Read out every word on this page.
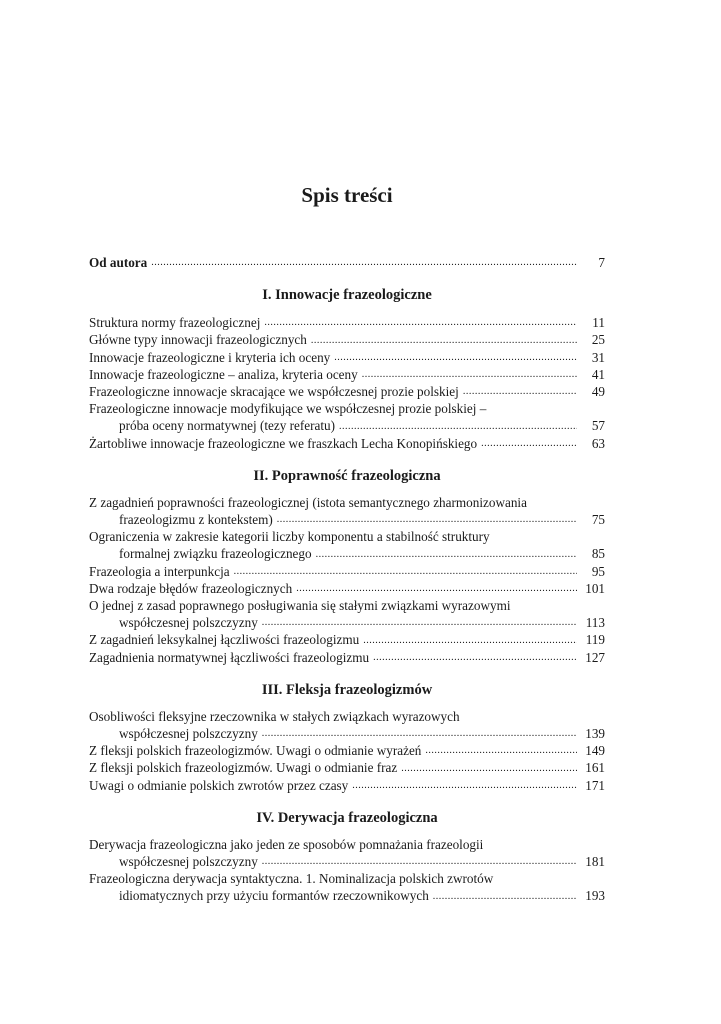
Spis treści
Od autora .....	7
I. Innowacje frazeologiczne
Struktura normy frazeologicznej .....	11
Główne typy innowacji frazeologicznych .....	25
Innowacje frazeologiczne i kryteria ich oceny .....	31
Innowacje frazeologiczne – analiza, kryteria oceny .....	41
Frazeologiczne innowacje skracające we współczesnej prozie polskiej .....	49
Frazeologiczne innowacje modyfikujące we współczesnej prozie polskiej –
próba oceny normatywnej (tezy referatu) .....	57
Żartobliwe innowacje frazeologiczne we fraszkach Lecha Konopińskiego .....	63
II. Poprawność frazeologiczna
Z zagadnień poprawności frazeologicznej (istota semantycznego zharmonizowania
frazeologizmu z kontekstem) .....	75
Ograniczenia w zakresie kategorii liczby komponentu a stabilność struktury
formalnej związku frazeologicznego .....	85
Frazeologia a interpunkcja .....	95
Dwa rodzaje błędów frazeologicznych .....	101
O jednej z zasad poprawnego posługiwania się stałymi związkami wyrazowymi
współczesnej polszczyzny .....	113
Z zagadnień leksykalnej łączliwości frazeologizmu .....	119
Zagadnienia normatywnej łączliwości frazeologizmu .....	127
III. Fleksja frazeologizmów
Osobliwości fleksyjne rzeczownika w stałych związkach wyrazowych
współczesnej polszczyzny .....	139
Z fleksji polskich frazeologizmów. Uwagi o odmianie wyrażeń .....	149
Z fleksji polskich frazeologizmów. Uwagi o odmianie fraz .....	161
Uwagi o odmianie polskich zwrotów przez czasy .....	171
IV. Derywacja frazeologiczna
Derywacja frazeologiczna jako jeden ze sposobów pomnażania frazeologii
współczesnej polszczyzny .....	181
Frazeologiczna derywacja syntaktyczna. 1. Nominalizacja polskich zwrotów
idiomatycznych przy użyciu formantów rzeczownikowych .....	193
